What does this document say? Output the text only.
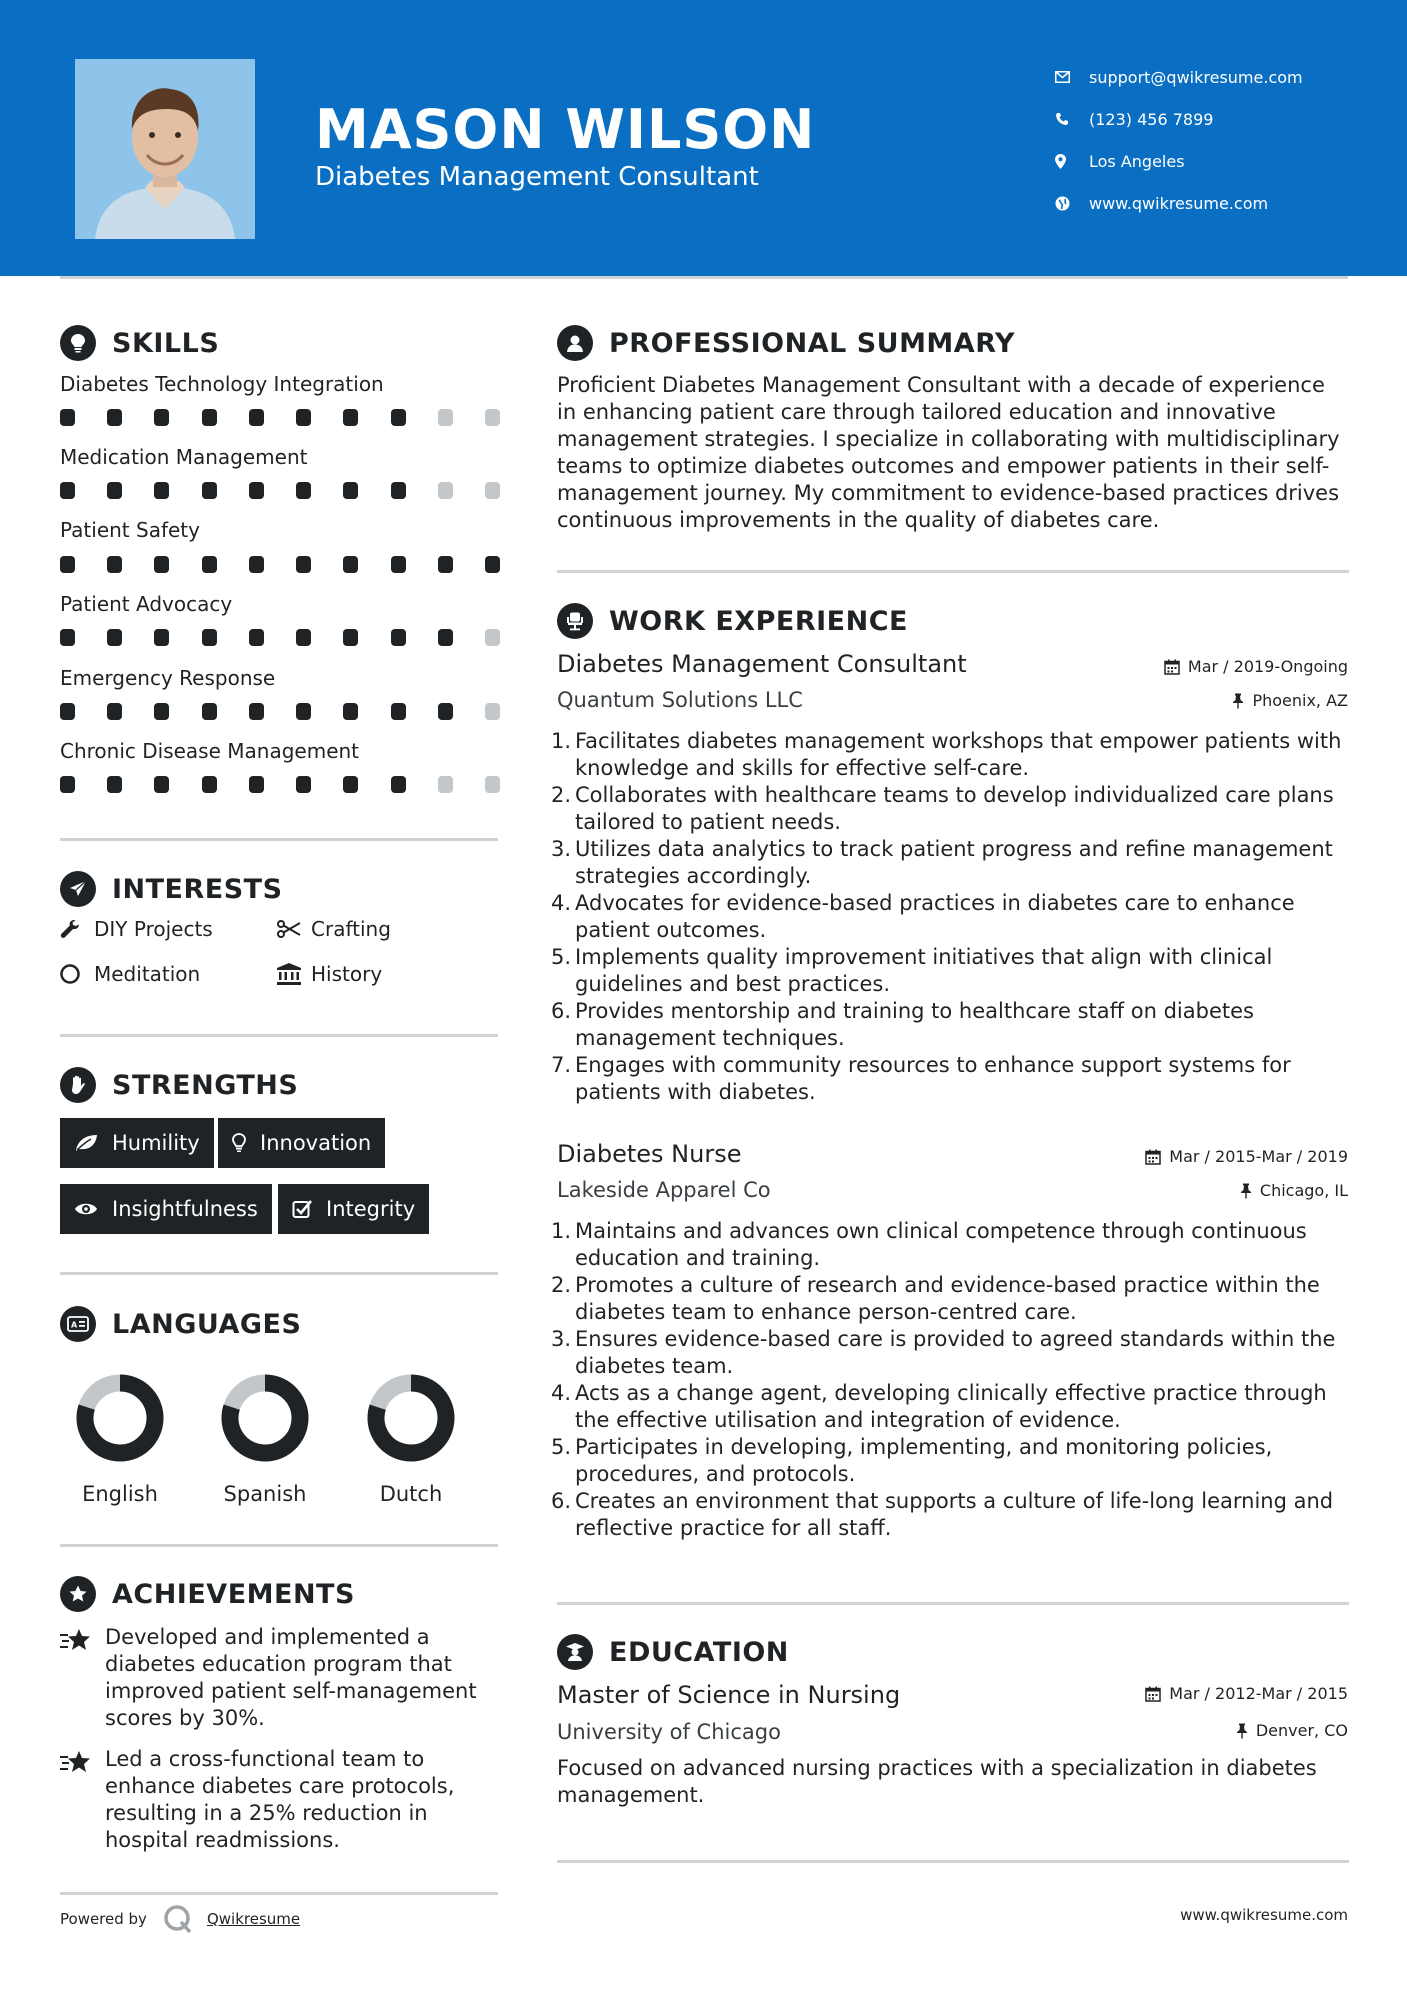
MASON WILSON
Diabetes Management Consultant
support@qwikresume.com
(123) 456 7899
Los Angeles
www.qwikresume.com
SKILLS
Diabetes Technology Integration
Medication Management
Patient Safety
Patient Advocacy
Emergency Response
Chronic Disease Management
INTERESTS
DIY Projects	Crafting
Meditation	History
STRENGTHS
Humility	Innovation
Insightfulness	Integrity
A LANGUAGES
English	Spanish	Dutch
ACHIEVEMENTS
Developed and implemented a diabetes education program that improved patient self-management scores by 30%.
Led a cross-functional team to enhance diabetes care protocols, resulting in a 25% reduction in hospital readmissions.
PROFESSIONAL SUMMARY
Proficient Diabetes Management Consultant with a decade of experience in enhancing patient care through tailored education and innovative management strategies. I specialize in collaborating with multidisciplinary teams to optimize diabetes outcomes and empower patients in their self-management journey. My commitment to evidence-based practices drives continuous improvements in the quality of diabetes care.
WORK EXPERIENCE
Diabetes Management Consultant	Mar / 2019-Ongoing
Quantum Solutions LLC	Phoenix, AZ
1. Facilitates diabetes management workshops that empower patients with knowledge and skills for effective self-care.
2. Collaborates with healthcare teams to develop individualized care plans tailored to patient needs.
3. Utilizes data analytics to track patient progress and refine management strategies accordingly.
4. Advocates for evidence-based practices in diabetes care to enhance patient outcomes.
5. Implements quality improvement initiatives that align with clinical guidelines and best practices.
6. Provides mentorship and training to healthcare staff on diabetes management techniques.
7. Engages with community resources to enhance support systems for patients with diabetes.
Diabetes Nurse	Mar / 2015-Mar / 2019
Lakeside Apparel Co	Chicago, IL
1. Maintains and advances own clinical competence through continuous education and training.
2. Promotes a culture of research and evidence-based practice within the diabetes team to enhance person-centred care.
3. Ensures evidence-based care is provided to agreed standards within the diabetes team.
4. Acts as a change agent, developing clinically effective practice through the effective utilisation and integration of evidence.
5. Participates in developing, implementing, and monitoring policies, procedures, and protocols.
6. Creates an environment that supports a culture of life-long learning and reflective practice for all staff.
EDUCATION
Master of Science in Nursing	Mar / 2012-Mar / 2015
University of Chicago	Denver, CO
Focused on advanced nursing practices with a specialization in diabetes management.
Powered by	Qwikresume	www.qwikresume.com
